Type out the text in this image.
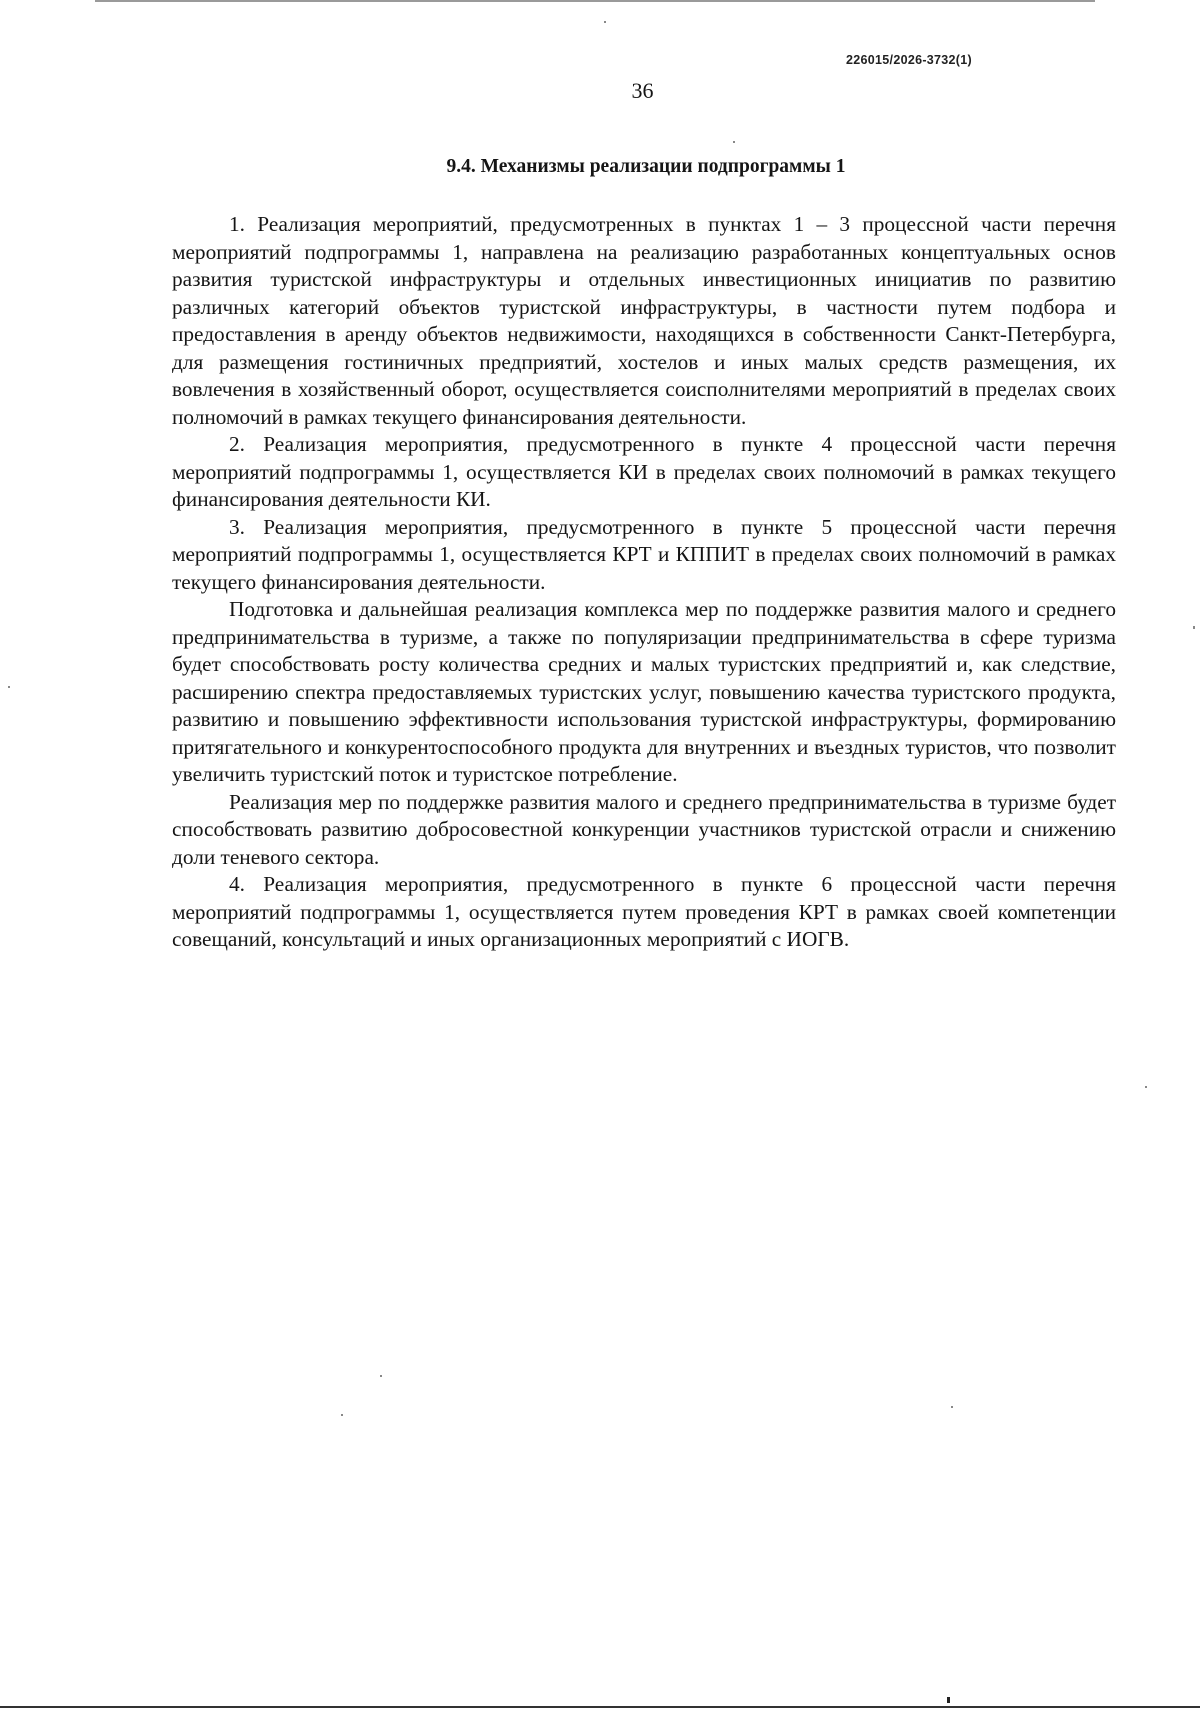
226015/2026-3732(1)
36
9.4. Механизмы реализации подпрограммы 1

1. Реализация мероприятий, предусмотренных в пунктах 1 – 3 процессной части перечня мероприятий подпрограммы 1, направлена на реализацию разработанных концептуальных основ развития туристской инфраструктуры и отдельных инвестиционных инициатив по развитию различных категорий объектов туристской инфраструктуры, в частности путем подбора и предоставления в аренду объектов недвижимости, находящихся в собственности Санкт-Петербурга, для размещения гостиничных предприятий, хостелов и иных малых средств размещения, их вовлечения в хозяйственный оборот, осуществляется соисполнителями мероприятий в пределах своих полномочий в рамках текущего финансирования деятельности.

2. Реализация мероприятия, предусмотренного в пункте 4 процессной части перечня мероприятий подпрограммы 1, осуществляется КИ в пределах своих полномочий в рамках текущего финансирования деятельности КИ.

3. Реализация мероприятия, предусмотренного в пункте 5 процессной части перечня мероприятий подпрограммы 1, осуществляется КРТ и КППИТ в пределах своих полномочий в рамках текущего финансирования деятельности.

Подготовка и дальнейшая реализация комплекса мер по поддержке развития малого и среднего предпринимательства в туризме, а также по популяризации предпринимательства в сфере туризма будет способствовать росту количества средних и малых туристских предприятий и, как следствие, расширению спектра предоставляемых туристских услуг, повышению качества туристского продукта, развитию и повышению эффективности использования туристской инфраструктуры, формированию притягательного и конкурентоспособного продукта для внутренних и въездных туристов, что позволит увеличить туристский поток и туристское потребление.

Реализация мер по поддержке развития малого и среднего предпринимательства в туризме будет способствовать развитию добросовестной конкуренции участников туристской отрасли и снижению доли теневого сектора.

4. Реализация мероприятия, предусмотренного в пункте 6 процессной части перечня мероприятий подпрограммы 1, осуществляется путем проведения КРТ в рамках своей компетенции совещаний, консультаций и иных организационных мероприятий с ИОГВ.
